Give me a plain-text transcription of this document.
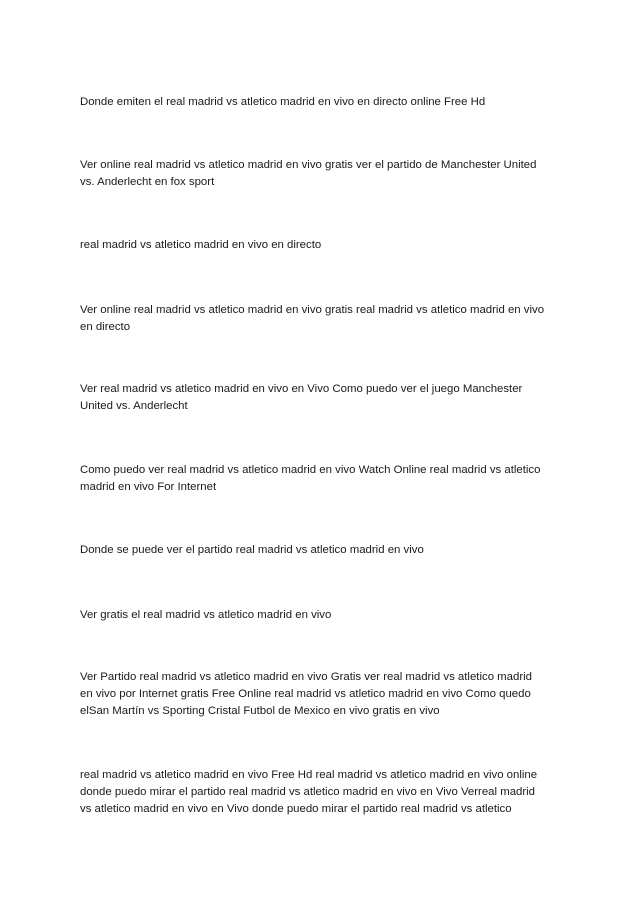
Donde emiten el real madrid vs atletico madrid en vivo en directo online Free Hd

Ver online real madrid vs atletico madrid en vivo gratis ver el partido de Manchester United
vs. Anderlecht en fox sport

real madrid vs atletico madrid en vivo en directo

Ver online real madrid vs atletico madrid en vivo gratis real madrid vs atletico madrid en vivo
en directo

Ver real madrid vs atletico madrid en vivo en Vivo Como puedo ver el juego Manchester
United vs. Anderlecht

Como puedo ver real madrid vs atletico madrid en vivo Watch Online real madrid vs atletico
madrid en vivo For Internet

Donde se puede ver el partido real madrid vs atletico madrid en vivo

Ver gratis el real madrid vs atletico madrid en vivo

Ver Partido real madrid vs atletico madrid en vivo Gratis ver real madrid vs atletico madrid
en vivo por Internet gratis Free Online real madrid vs atletico madrid en vivo Como quedo
elSan Martín vs Sporting Cristal Futbol de Mexico en vivo gratis en vivo

real madrid vs atletico madrid en vivo Free Hd real madrid vs atletico madrid en vivo online
donde puedo mirar el partido real madrid vs atletico madrid en vivo en Vivo Verreal madrid
vs atletico madrid en vivo en Vivo donde puedo mirar el partido real madrid vs atletico
